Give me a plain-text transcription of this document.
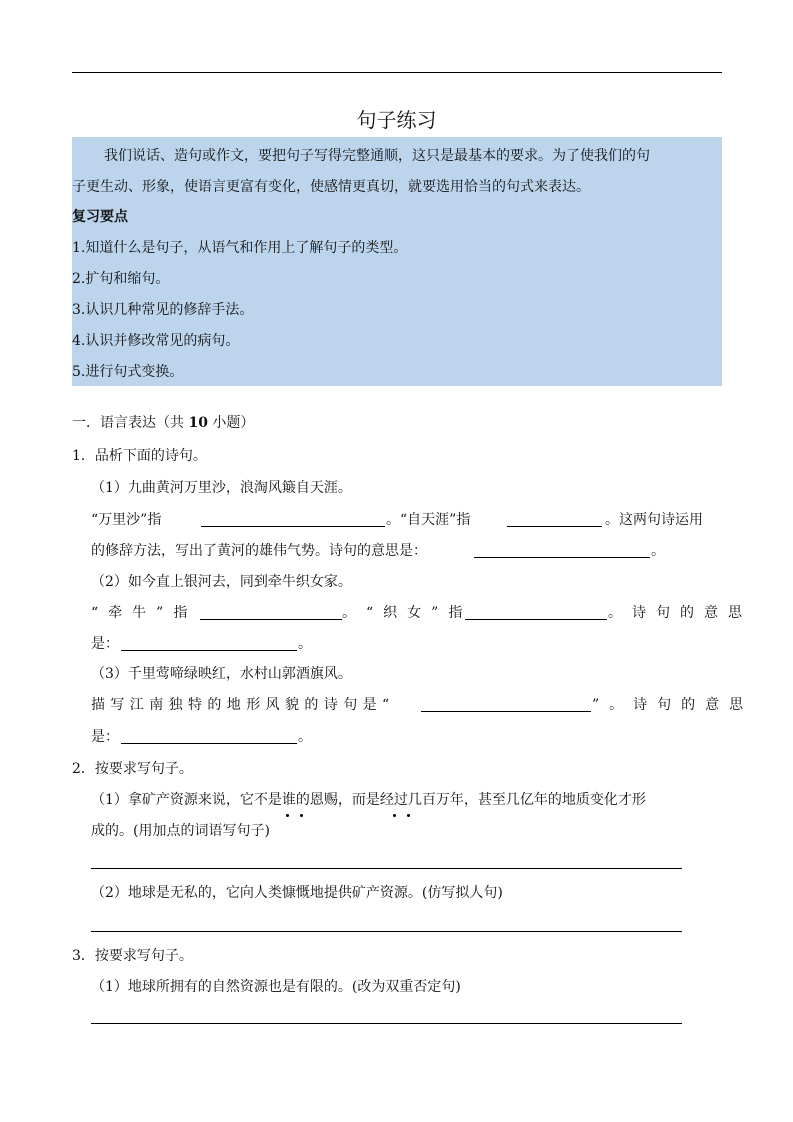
句子练习
我们说话、造句或作文，要把句子写得完整通顺，这只是最基本的要求。为了使我们的句
子更生动、形象，使语言更富有变化，使感情更真切，就要选用恰当的句式来表达。
复习要点
1.知道什么是句子，从语气和作用上了解句子的类型。
2.扩句和缩句。
3.认识几种常见的修辞手法。
4.认识并修改常见的病句。
5.进行句式变换。
一．语言表达（共 10 小题）
1．品析下面的诗句。
（1）九曲黄河万里沙，浪淘风簸自天涯。
“万里沙”指	。“自天涯”指	。这两句诗运用
的修辞方法，写出了黄河的雄伟气势。诗句的意思是：	。
（2）如今直上银河去，同到牵牛织女家。
“牵牛”指	。“织女”指	。诗句的意思
是：	。
（3）千里莺啼绿映红，水村山郭酒旗风。
描写江南独特的地形风貌的诗句是“	”。诗句的意思
是：	。
2．按要求写句子。
（1）拿矿产资源来说，它不是谁的恩赐，而是经过几百万年，甚至几亿年的地质变化才形
成的。(用加点的词语写句子)
（2）地球是无私的，它向人类慷慨地提供矿产资源。(仿写拟人句)
3．按要求写句子。
（1）地球所拥有的自然资源也是有限的。(改为双重否定句)
